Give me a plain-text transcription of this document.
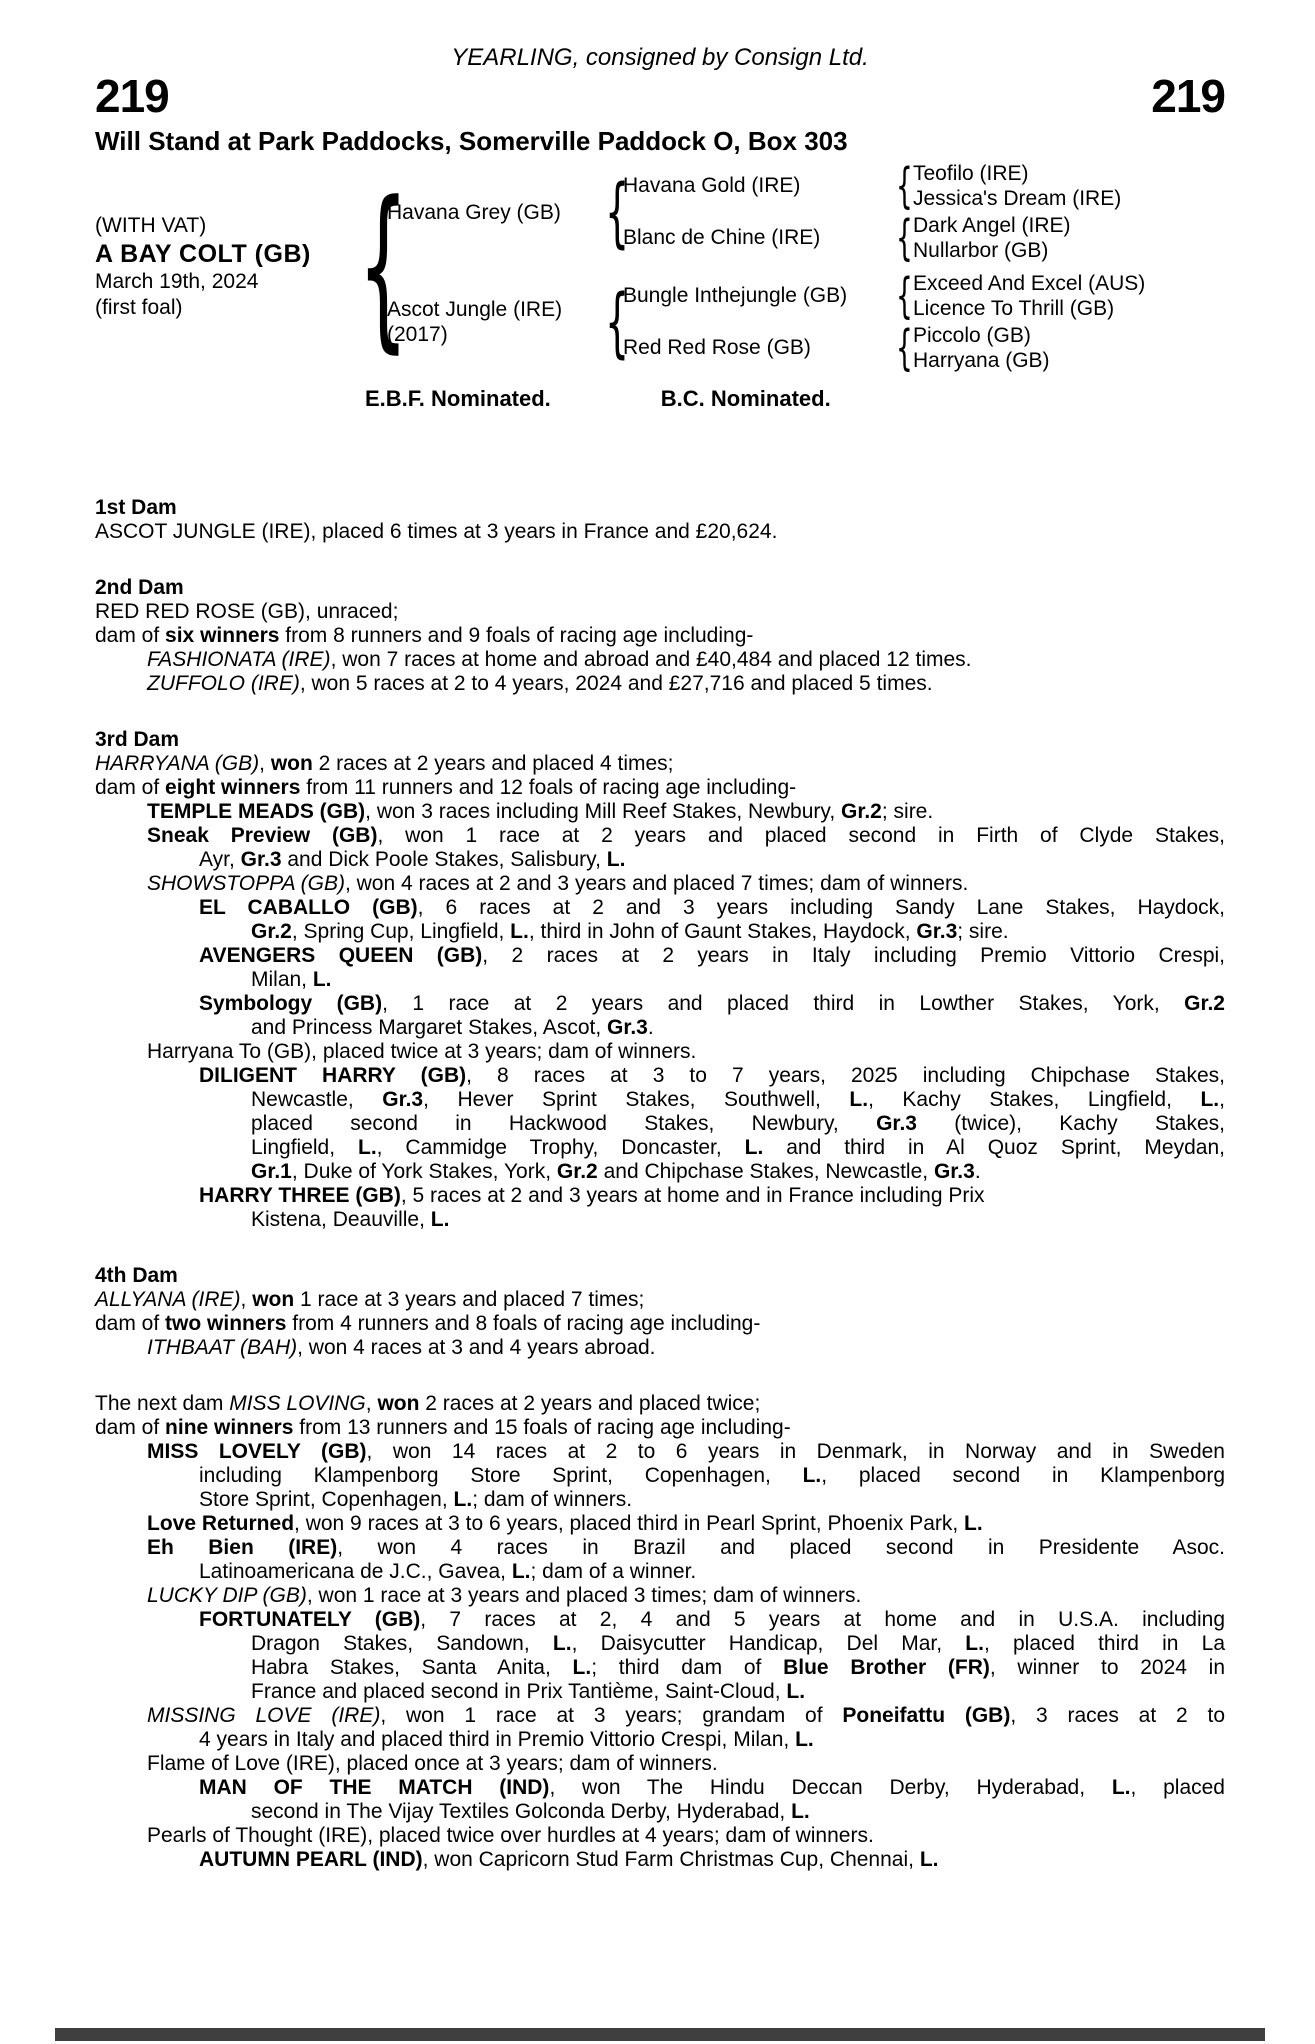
YEARLING, consigned by Consign Ltd.
219	219
Will Stand at Park Paddocks, Somerville Paddock O, Box 303
(WITH VAT)
A BAY COLT (GB)
March 19th, 2024
(first foal)
{
Havana Grey (GB)
{
Havana Gold (IRE)
{
Teofilo (IRE)
Jessica's Dream (IRE)
Blanc de Chine (IRE)
{
Dark Angel (IRE)
Nullarbor (GB)
Ascot Jungle (IRE)
(2017)
{
Bungle Inthejungle (GB)
{
Exceed And Excel (AUS)
Licence To Thrill (GB)
Red Red Rose (GB)
{
Piccolo (GB)
Harryana (GB)
E.B.F. Nominated.	B.C. Nominated.
1st Dam
ASCOT JUNGLE (IRE), placed 6 times at 3 years in France and £20,624.
2nd Dam
RED RED ROSE (GB), unraced;
dam of six winners from 8 runners and 9 foals of racing age including-
FASHIONATA (IRE), won 7 races at home and abroad and £40,484 and placed 12 times.
ZUFFOLO (IRE), won 5 races at 2 to 4 years, 2024 and £27,716 and placed 5 times.
3rd Dam
HARRYANA (GB), won 2 races at 2 years and placed 4 times;
dam of eight winners from 11 runners and 12 foals of racing age including-
TEMPLE MEADS (GB), won 3 races including Mill Reef Stakes, Newbury, Gr.2; sire.
Sneak Preview (GB), won 1 race at 2 years and placed second in Firth of Clyde Stakes,
Ayr, Gr.3 and Dick Poole Stakes, Salisbury, L.
SHOWSTOPPA (GB), won 4 races at 2 and 3 years and placed 7 times; dam of winners.
EL CABALLO (GB), 6 races at 2 and 3 years including Sandy Lane Stakes, Haydock,
Gr.2, Spring Cup, Lingfield, L., third in John of Gaunt Stakes, Haydock, Gr.3; sire.
AVENGERS QUEEN (GB), 2 races at 2 years in Italy including Premio Vittorio Crespi,
Milan, L.
Symbology (GB), 1 race at 2 years and placed third in Lowther Stakes, York, Gr.2
and Princess Margaret Stakes, Ascot, Gr.3.
Harryana To (GB), placed twice at 3 years; dam of winners.
DILIGENT HARRY (GB), 8 races at 3 to 7 years, 2025 including Chipchase Stakes,
Newcastle, Gr.3, Hever Sprint Stakes, Southwell, L., Kachy Stakes, Lingfield, L.,
placed second in Hackwood Stakes, Newbury, Gr.3 (twice), Kachy Stakes,
Lingfield, L., Cammidge Trophy, Doncaster, L. and third in Al Quoz Sprint, Meydan,
Gr.1, Duke of York Stakes, York, Gr.2 and Chipchase Stakes, Newcastle, Gr.3.
HARRY THREE (GB), 5 races at 2 and 3 years at home and in France including Prix
Kistena, Deauville, L.
4th Dam
ALLYANA (IRE), won 1 race at 3 years and placed 7 times;
dam of two winners from 4 runners and 8 foals of racing age including-
ITHBAAT (BAH), won 4 races at 3 and 4 years abroad.
The next dam MISS LOVING, won 2 races at 2 years and placed twice;
dam of nine winners from 13 runners and 15 foals of racing age including-
MISS LOVELY (GB), won 14 races at 2 to 6 years in Denmark, in Norway and in Sweden
including Klampenborg Store Sprint, Copenhagen, L., placed second in Klampenborg
Store Sprint, Copenhagen, L.; dam of winners.
Love Returned, won 9 races at 3 to 6 years, placed third in Pearl Sprint, Phoenix Park, L.
Eh Bien (IRE), won 4 races in Brazil and placed second in Presidente Asoc.
Latinoamericana de J.C., Gavea, L.; dam of a winner.
LUCKY DIP (GB), won 1 race at 3 years and placed 3 times; dam of winners.
FORTUNATELY (GB), 7 races at 2, 4 and 5 years at home and in U.S.A. including
Dragon Stakes, Sandown, L., Daisycutter Handicap, Del Mar, L., placed third in La
Habra Stakes, Santa Anita, L.; third dam of Blue Brother (FR), winner to 2024 in
France and placed second in Prix Tantième, Saint-Cloud, L.
MISSING LOVE (IRE), won 1 race at 3 years; grandam of Poneifattu (GB), 3 races at 2 to
4 years in Italy and placed third in Premio Vittorio Crespi, Milan, L.
Flame of Love (IRE), placed once at 3 years; dam of winners.
MAN OF THE MATCH (IND), won The Hindu Deccan Derby, Hyderabad, L., placed
second in The Vijay Textiles Golconda Derby, Hyderabad, L.
Pearls of Thought (IRE), placed twice over hurdles at 4 years; dam of winners.
AUTUMN PEARL (IND), won Capricorn Stud Farm Christmas Cup, Chennai, L.
